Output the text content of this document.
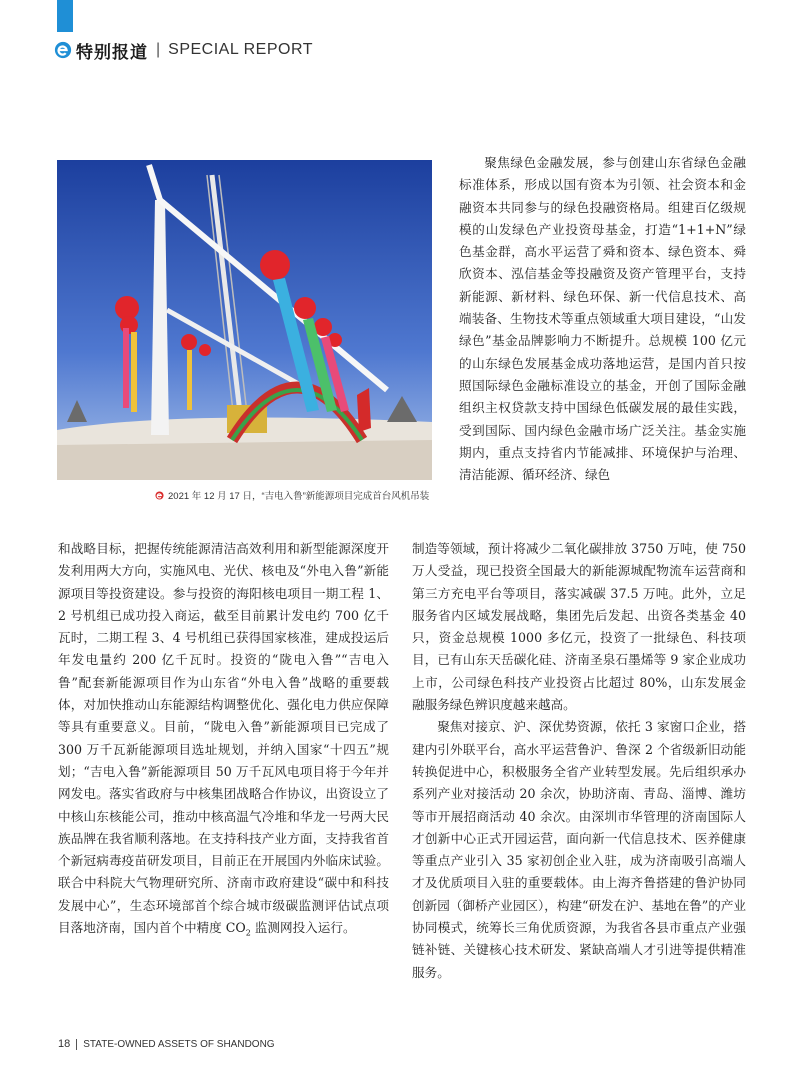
特别报道 | SPECIAL REPORT
2021 年 12 月 17 日，“吉电入鲁”新能源项目完成首台风机吊装

聚焦绿色金融发展，参与创建山东省绿色金融标准体系，形成以国有资本为引领、社会资本和金融资本共同参与的绿色投融资格局。组建百亿级规模的山发绿色产业投资母基金，打造“1+1+N”绿色基金群，高水平运营了舜和资本、绿色资本、舜欣资本、泓信基金等投融资及资产管理平台，支持新能源、新材料、绿色环保、新一代信息技术、高端装备、生物技术等重点领域重大项目建设，“山发绿色”基金品牌影响力不断提升。总规模 100 亿元的山东绿色发展基金成功落地运营，是国内首只按照国际绿色金融标准设立的基金，开创了国际金融组织主权贷款支持中国绿色低碳发展的最佳实践，受到国际、国内绿色金融市场广泛关注。基金实施期内，重点支持省内节能减排、环境保护与治理、清洁能源、循环经济、绿色

和战略目标，把握传统能源清洁高效利用和新型能源深度开发利用两大方向，实施风电、光伏、核电及“外电入鲁”新能源项目等投资建设。参与投资的海阳核电项目一期工程 1、2 号机组已成功投入商运，截至目前累计发电约 700 亿千瓦时，二期工程 3、4 号机组已获得国家核准，建成投运后年发电量约 200 亿千瓦时。投资的“陇电入鲁”“吉电入鲁”配套新能源项目作为山东省“外电入鲁”战略的重要载体，对加快推动山东能源结构调整优化、强化电力供应保障等具有重要意义。目前，“陇电入鲁”新能源项目已完成了 300 万千瓦新能源项目选址规划，并纳入国家“十四五”规划；“吉电入鲁”新能源项目 50 万千瓦风电项目将于今年并网发电。落实省政府与中核集团战略合作协议，出资设立了中核山东核能公司，推动中核高温气冷堆和华龙一号两大民族品牌在我省顺利落地。在支持科技产业方面，支持我省首个新冠病毒疫苗研发项目，目前正在开展国内外临床试验。联合中科院大气物理研究所、济南市政府建设“碳中和科技发展中心”，生态环境部首个综合城市级碳监测评估试点项目落地济南，国内首个中精度 $CO_2$ 监测网投入运行。

制造等领域，预计将减少二氧化碳排放 3750 万吨，使 750 万人受益，现已投资全国最大的新能源城配物流车运营商和第三方充电平台等项目，落实减碳 37.5 万吨。此外，立足服务省内区域发展战略，集团先后发起、出资各类基金 40 只，资金总规模 1000 多亿元，投资了一批绿色、科技项目，已有山东天岳碳化硅、济南圣泉石墨烯等 9 家企业成功上市，公司绿色科技产业投资占比超过 80%，山东发展金融服务绿色辨识度越来越高。

聚焦对接京、沪、深优势资源，依托 3 家窗口企业，搭建内引外联平台，高水平运营鲁沪、鲁深 2 个省级新旧动能转换促进中心，积极服务全省产业转型发展。先后组织承办系列产业对接活动 20 余次，协助济南、青岛、淄博、潍坊等市开展招商活动 40 余次。由深圳市华管理的济南国际人才创新中心正式开园运营，面向新一代信息技术、医养健康等重点产业引入 35 家初创企业入驻，成为济南吸引高端人才及优质项目入驻的重要载体。由上海齐鲁搭建的鲁沪协同创新园（御桥产业园区），构建“研发在沪、基地在鲁”的产业协同模式，统筹长三角优质资源，为我省各县市重点产业强链补链、关键核心技术研发、紧缺高端人才引进等提供精准服务。

18 STATE-OWNED ASSETS OF SHANDONG
